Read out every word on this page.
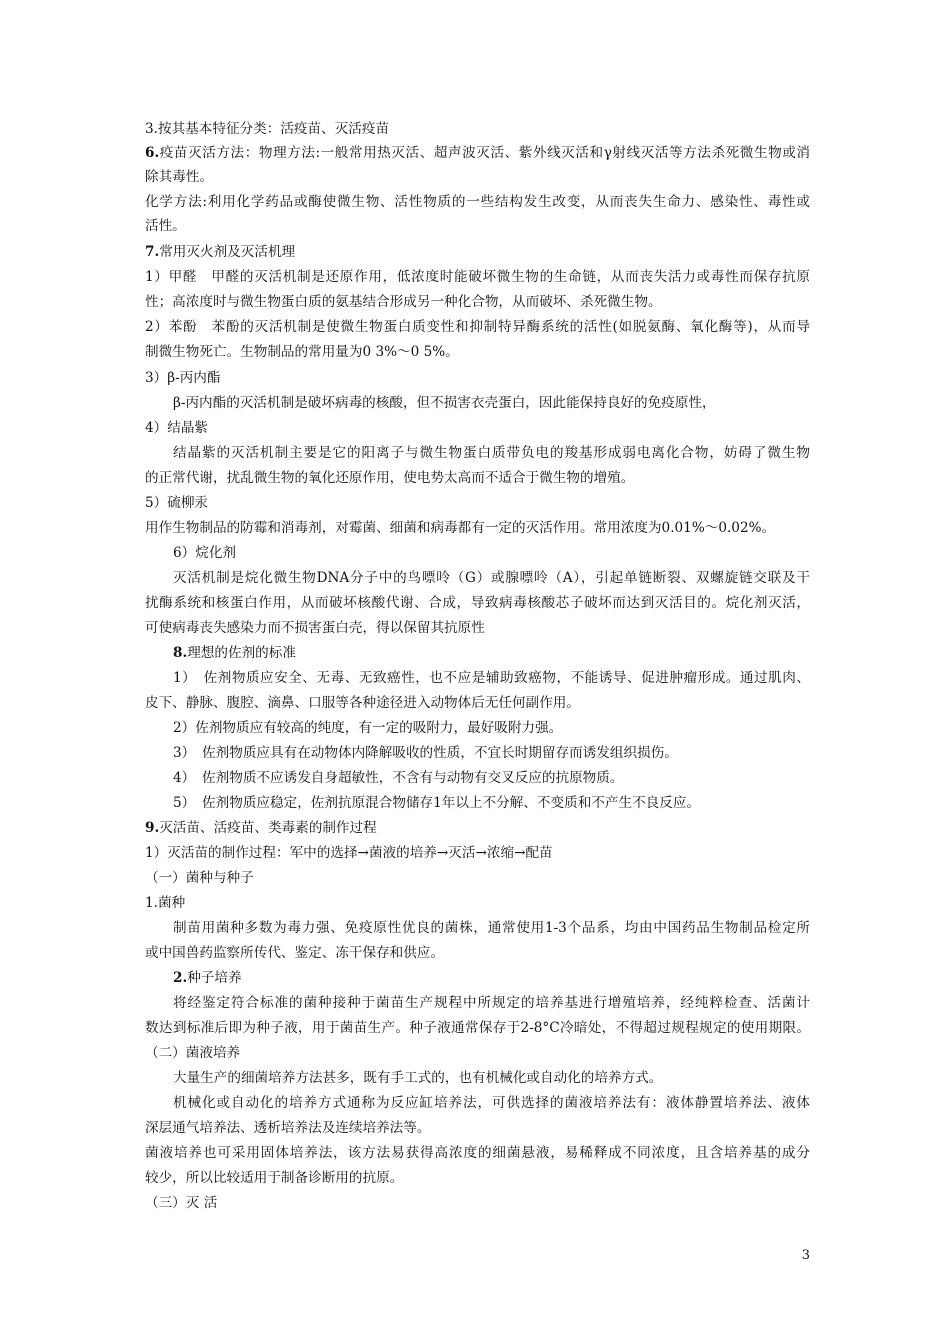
3.按其基本特征分类：活疫苗、灭活疫苗
6.疫苗灭活方法：物理方法:一般常用热灭活、超声波灭活、紫外线灭活和γ射线灭活等方法杀死微生物或消
除其毒性。
化学方法:利用化学药品或酶使微生物、活性物质的一些结构发生改变，从而丧失生命力、感染性、毒性或
活性。
7.常用灭火剂及灭活机理
1）甲醛　甲醛的灭活机制是还原作用，低浓度时能破坏微生物的生命链，从而丧失活力或毒性而保存抗原
性；高浓度时与微生物蛋白质的氨基结合形成另一种化合物，从而破坏、杀死微生物。
2）苯酚　苯酚的灭活机制是使微生物蛋白质变性和抑制特异酶系统的活性(如脱氨酶、氧化酶等)，从而导
制微生物死亡。生物制品的常用量为0 3%～0 5%。
3）β-丙内酯
β-丙内酯的灭活机制是破坏病毒的核酸，但不损害衣壳蛋白，因此能保持良好的免疫原性，
4）结晶紫
结晶紫的灭活机制主要是它的阳离子与微生物蛋白质带负电的羧基形成弱电离化合物，妨碍了微生物
的正常代谢，扰乱微生物的氧化还原作用，使电势太高而不适合于微生物的增殖。
5）硫柳汞
用作生物制品的防霉和消毒剂，对霉菌、细菌和病毒都有一定的灭活作用。常用浓度为0.01%～0.02%。
6）烷化剂
灭活机制是烷化微生物DNA分子中的鸟嘌呤（G）或腺嘌呤（A），引起单链断裂、双螺旋链交联及干
扰酶系统和核蛋白作用，从而破坏核酸代谢、合成，导致病毒核酸芯子破坏而达到灭活目的。烷化剂灭活，
可使病毒丧失感染力而不损害蛋白壳，得以保留其抗原性
8.理想的佐剂的标准
1）　佐剂物质应安全、无毒、无致癌性，也不应是辅助致癌物，不能诱导、促进肿瘤形成。通过肌肉、
皮下、静脉、腹腔、滴鼻、口服等各种途径进入动物体后无任何副作用。
2）佐剂物质应有较高的纯度，有一定的吸附力，最好吸附力强。
3）　佐剂物质应具有在动物体内降解吸收的性质，不宜长时期留存而诱发组织损伤。
4）　佐剂物质不应诱发自身超敏性，不含有与动物有交叉反应的抗原物质。
5）　佐剂物质应稳定，佐剂抗原混合物储存1年以上不分解、不变质和不产生不良反应。
9.灭活苗、活疫苗、类毒素的制作过程
1）灭活苗的制作过程：军中的选择→菌液的培养→灭活→浓缩→配苗
（一）菌种与种子
1.菌种
制苗用菌种多数为毒力强、免疫原性优良的菌株，通常使用1-3个品系，均由中国药品生物制品检定所
或中国兽药监察所传代、鉴定、冻干保存和供应。
2.种子培养
将经鉴定符合标准的菌种接种于菌苗生产规程中所规定的培养基进行增殖培养，经纯粹检查、活菌计
数达到标准后即为种子液，用于菌苗生产。种子液通常保存于2-8°C冷暗处，不得超过规程规定的使用期限。
（二）菌液培养
大量生产的细菌培养方法甚多，既有手工式的，也有机械化或自动化的培养方式。
机械化或自动化的培养方式通称为反应缸培养法，可供选择的菌液培养法有：液体静置培养法、液体
深层通气培养法、透析培养法及连续培养法等。
菌液培养也可采用固体培养法，该方法易获得高浓度的细菌悬液，易稀释成不同浓度，且含培养基的成分
较少，所以比较适用于制备诊断用的抗原。
（三）灭 活
3
